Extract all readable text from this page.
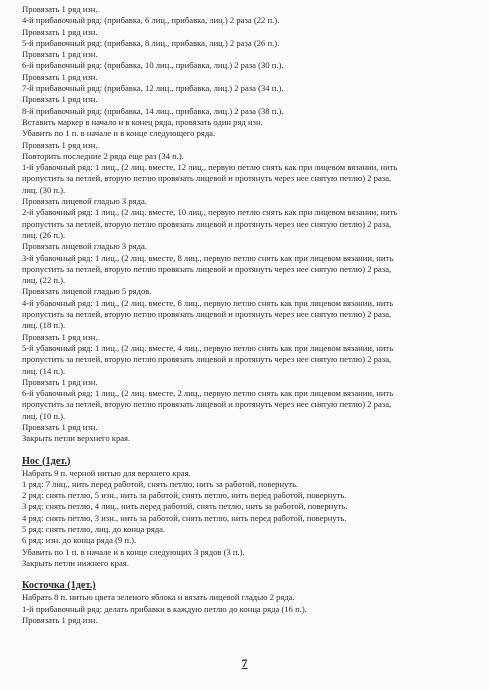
Провязать 1 ряд изн.
4-й прибавочный ряд: (прибавка, 6 лиц., прибавка, лиц.) 2 раза (22 п.).
Провязать 1 ряд изн.
5-й прибавочный ряд: (прибавка, 8 лиц., прибавка, лиц.) 2 раза (26 п.).
Провязать 1 ряд изн.
6-й прибавочный ряд: (прибавка, 10 лиц., прибавка, лиц.) 2 раза (30 п.).
Провязать 1 ряд изн.
7-й прибавочный ряд: (прибавка, 12 лиц., прибавка, лиц.) 2 раза (34 п.).
Провязать 1 ряд изн.
8-й прибавочный ряд: (прибавка, 14 лиц., прибавка, лиц.) 2 раза (38 п.).
Вставить маркер в начало и в конец ряда, провязать один ряд изн.
Убавить по 1 п. в начале и в конце следующего ряда.
Провязать 1 ряд изн.
Повторить последние 2 ряда еще раз (34 п.).
1-й убавочный ряд: 1 лиц., (2 лиц. вместе, 12 лиц., первую петлю снять как при лицевом вязании, нить
пропустить за петлей, вторую петлю провязать лицевой и протянуть через нее снятую петлю) 2 раза,
лиц. (30 п.).
Провязать лицевой гладью 3 ряда.
2-й убавочный ряд: 1 лиц., (2 лиц. вместе, 10 лиц., первую петлю снять как при лицевом вязании, нить
пропустить за петлей, вторую петлю провязать лицевой и протянуть через нее снятую петлю) 2 раза,
лиц. (26 п.).
Провязать лицевой гладью 3 ряда.
3-й убавочный ряд: 1 лиц., (2 лиц. вместе, 8 лиц., первую петлю снять как при лицевом вязании, нить
пропустить за петлей, вторую петлю провязать лицевой и протянуть через нее снятую петлю) 2 раза,
лиц. (22 п.).
Провязать лицевой гладью 5 рядов.
4-й убавочный ряд: 1 лиц., (2 лиц. вместе, 6 лиц., первую петлю снять как при лицевом вязании, нить
пропустить за петлей, вторую петлю провязать лицевой и протянуть через нее снятую петлю) 2 раза,
лиц. (18 п.).
Провязать 1 ряд изн.
5-й убавочный ряд: 1 лиц., (2 лиц. вместе, 4 лиц., первую петлю снять как при лицевом вязании, нить
пропустить за петлей, вторую петлю провязать лицевой и протянуть через нее снятую петлю) 2 раза,
лиц. (14 п.).
Провязать 1 ряд изн.
6-й убавочный ряд: 1 лиц., (2 лиц. вместе, 2 лиц., первую петлю снять как при лицевом вязании, нить
пропустить за петлей, вторую петлю провязать лицевой и протянуть через нее снятую петлю) 2 раза,
лиц. (10 п.).
Провязать 1 ряд изн.
Закрыть петли верхнего края.
Нос (1дет.)
Набрать 9 п. черной нитью для верхнего края.
1 ряд: 7 лиц., нить перед работой, снять петлю, нить за работой, повернуть.
2 ряд: снять петлю, 5 изн., нить за работой, снять петлю, нить перед работой, повернуть.
3 ряд: снять петлю, 4 лиц., нить перед работой, снять петлю, нить за работой, повернуть.
4 ряд: снять петлю, 3 изн., нить за работой, снять петлю, нить перед работой, повернуть.
5 ряд: снять петлю, лиц. до конца ряда.
6 ряд: изн. до конца ряда (9 п.).
Убавить по 1 п. в начале и в конце следующих 3 рядов (3 п.).
Закрыть петли нижнего края.
Косточка (1дет.)
Набрать 8 п. нитью цвета зеленого яблока и вязать лицевой гладью 2 ряда.
1-й прибавочный ряд: делать прибавки в каждую петлю до конца ряда (16 п.).
Провязать 1 ряд изн.
7
